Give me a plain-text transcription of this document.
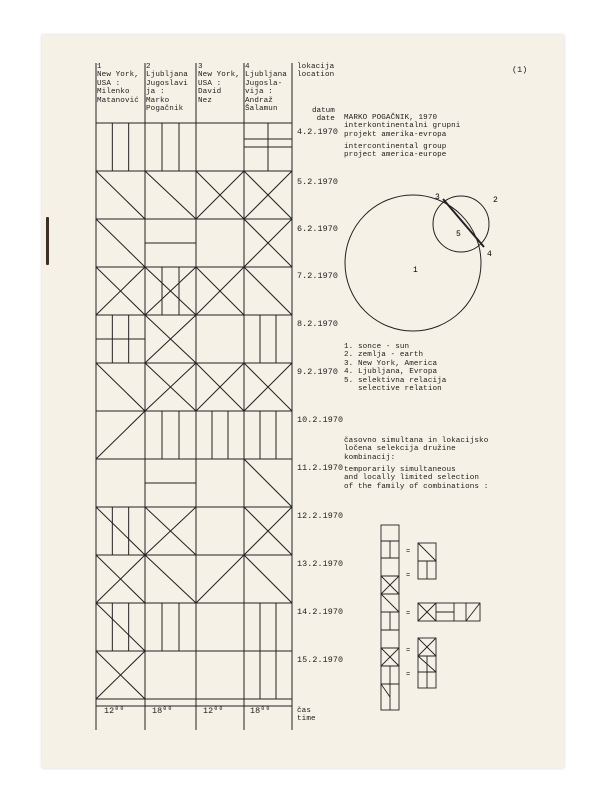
(1)
1
New York,
USA :
Milenko
Matanović
2
Ljubljana
Jugoslavi
ja :
Marko
Pogačnik
3
New York,
USA :
David
Nez
4
Ljubljana
Jugosla-
vija :
Andraž
Šalamun
lokacija
location
datum
date
4.2.1970
5.2.1970
6.2.1970
7.2.1970
8.2.1970
9.2.1970
10.2.1970
11.2.1970
12.2.1970
13.2.1970
14.2.1970
15.2.1970
12⁰⁰	18⁰⁰	12⁰⁰	18⁰⁰	čas
time
MARKO POGAČNIK, 1970
interkontinentalni grupni
projekt amerika-evropa
intercontinental group
project america-europe
1
2
3
4
5
1. sonce - sun
2. zemlja - earth
3. New York, America
4. Ljubljana, Evropa
5. selektivna relacija
selective relation
časovno simultana in lokacijsko
ločena selekcija družine
kombinacij:
temporarily simultaneous
and locally limited selection
of the family of combinations :
=
=
=
=
=
